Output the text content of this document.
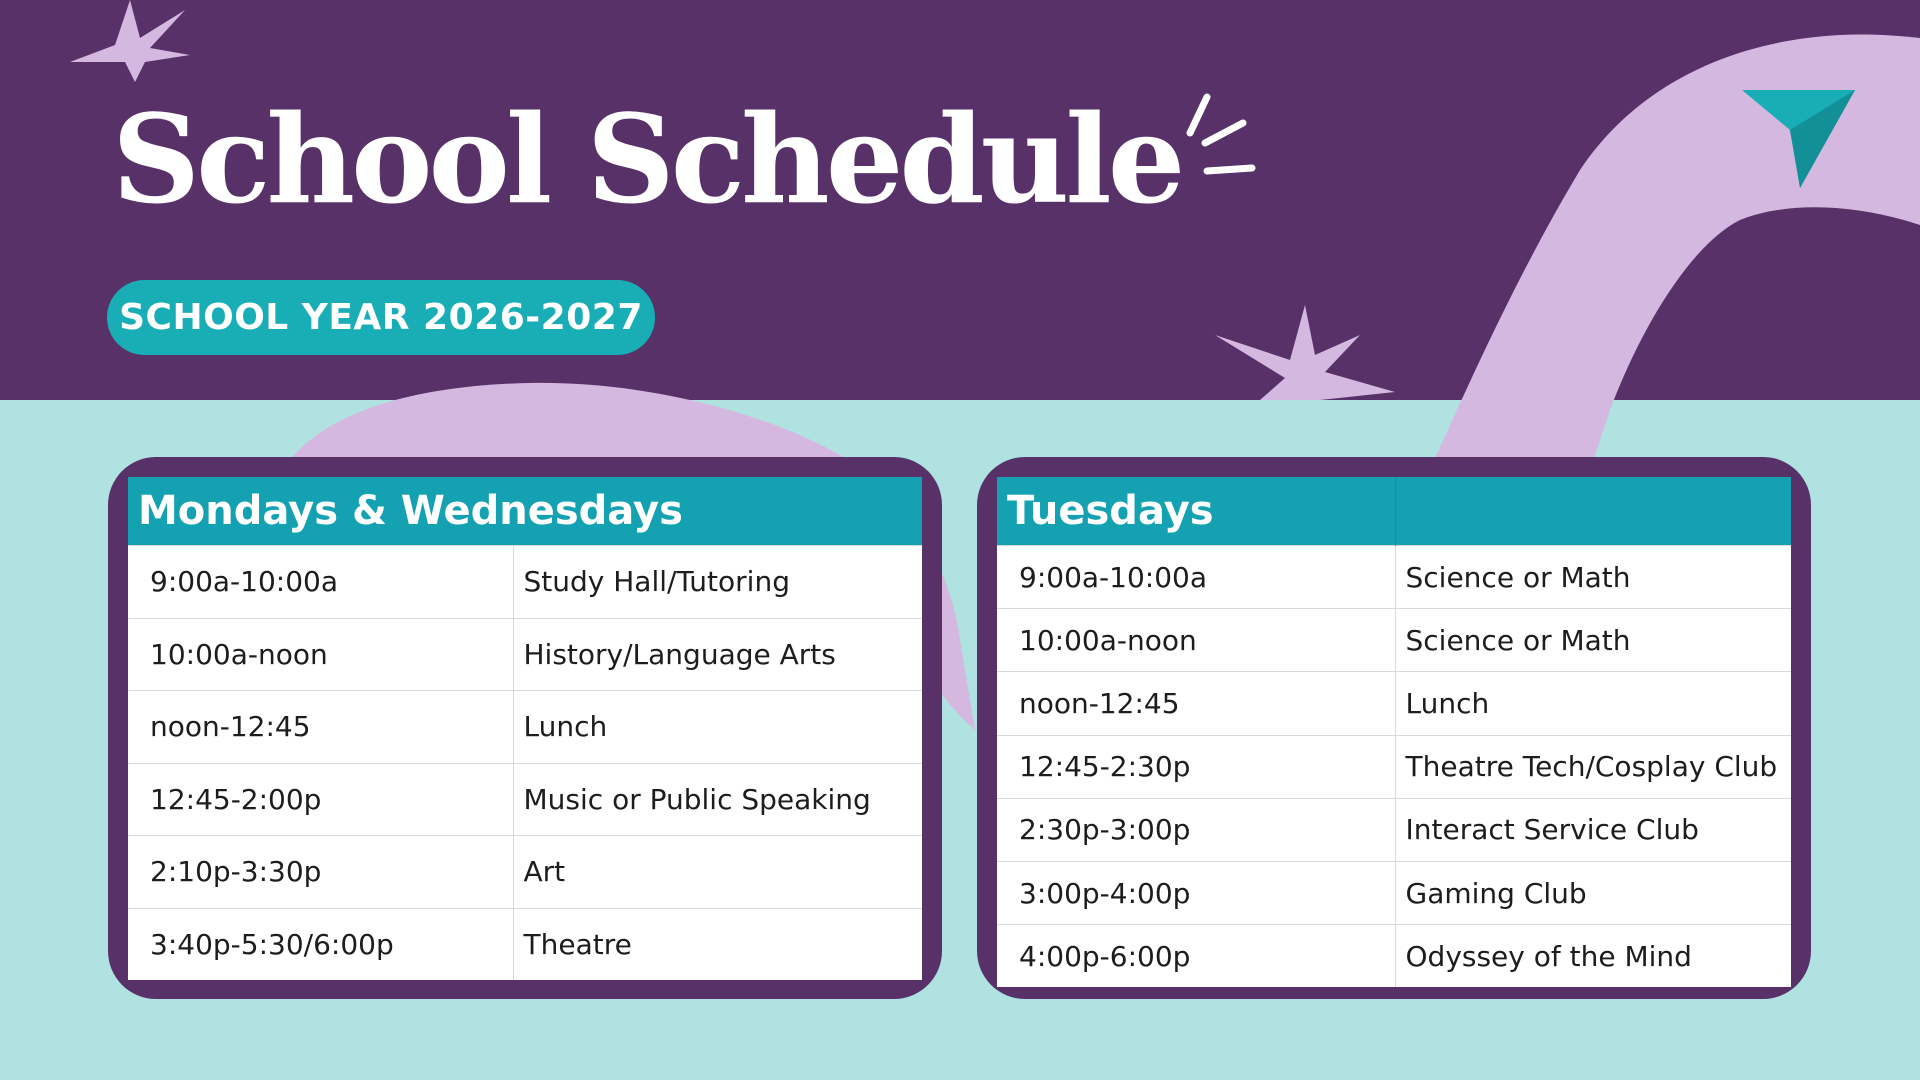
School Schedule
SCHOOL YEAR 2026-2027
Mondays & Wednesdays	
9:00a-10:00a	Study Hall/Tutoring
10:00a-noon	History/Language Arts
noon-12:45	Lunch
12:45-2:00p	Music or Public Speaking
2:10p-3:30p	Art
3:40p-5:30/6:00p	Theatre
Tuesdays	
9:00a-10:00a	Science or Math
10:00a-noon	Science or Math
noon-12:45	Lunch
12:45-2:30p	Theatre Tech/Cosplay Club
2:30p-3:00p	Interact Service Club
3:00p-4:00p	Gaming Club
4:00p-6:00p	Odyssey of the Mind
